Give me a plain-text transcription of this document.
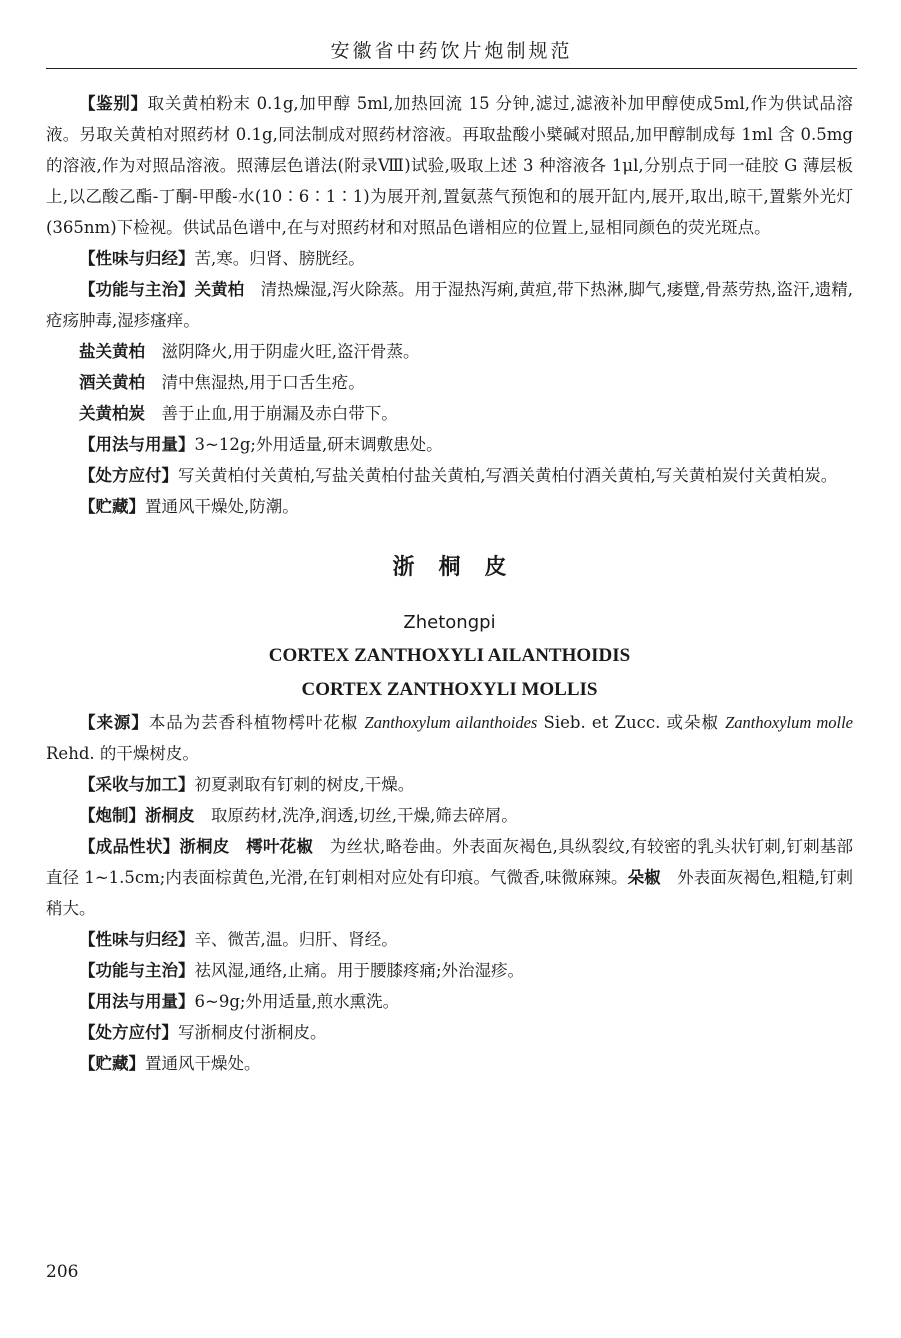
安徽省中药饮片炮制规范

【鉴别】取关黄柏粉末 0.1g,加甲醇 5ml,加热回流 15 分钟,滤过,滤液补加甲醇使成5ml,作为供试品溶液。另取关黄柏对照药材 0.1g,同法制成对照药材溶液。再取盐酸小檗碱对照品,加甲醇制成每 1ml 含 0.5mg 的溶液,作为对照品溶液。照薄层色谱法(附录Ⅷ)试验,吸取上述 3 种溶液各 1μl,分别点于同一硅胶 G 薄层板上,以乙酸乙酯-丁酮-甲酸-水(10∶6∶1∶1)为展开剂,置氨蒸气预饱和的展开缸内,展开,取出,晾干,置紫外光灯(365nm)下检视。供试品色谱中,在与对照药材和对照品色谱相应的位置上,显相同颜色的荧光斑点。

【性味与归经】苦,寒。归肾、膀胱经。

【功能与主治】关黄柏 清热燥湿,泻火除蒸。用于湿热泻痢,黄疸,带下热淋,脚气,痿躄,骨蒸劳热,盗汗,遗精,疮疡肿毒,湿疹瘙痒。

盐关黄柏 滋阴降火,用于阴虚火旺,盗汗骨蒸。

酒关黄柏 清中焦湿热,用于口舌生疮。

关黄柏炭 善于止血,用于崩漏及赤白带下。

【用法与用量】3~12g;外用适量,研末调敷患处。

【处方应付】写关黄柏付关黄柏,写盐关黄柏付盐关黄柏,写酒关黄柏付酒关黄柏,写关黄柏炭付关黄柏炭。

【贮藏】置通风干燥处,防潮。

浙桐皮
Zhetongpi
CORTEX ZANTHOXYLI AILANTHOIDIS
CORTEX ZANTHOXYLI MOLLIS

【来源】本品为芸香科植物樗叶花椒 Zanthoxylum ailanthoides Sieb. et Zucc. 或朵椒 Zanthoxylum molle Rehd. 的干燥树皮。

【采收与加工】初夏剥取有钉刺的树皮,干燥。

【炮制】浙桐皮 取原药材,洗净,润透,切丝,干燥,筛去碎屑。

【成品性状】浙桐皮 樗叶花椒 为丝状,略卷曲。外表面灰褐色,具纵裂纹,有较密的乳头状钉刺,钉刺基部直径 1~1.5cm;内表面棕黄色,光滑,在钉刺相对应处有印痕。气微香,味微麻辣。朵椒 外表面灰褐色,粗糙,钉刺稍大。

【性味与归经】辛、微苦,温。归肝、肾经。

【功能与主治】祛风湿,通络,止痛。用于腰膝疼痛;外治湿疹。

【用法与用量】6~9g;外用适量,煎水熏洗。

【处方应付】写浙桐皮付浙桐皮。

【贮藏】置通风干燥处。

206
